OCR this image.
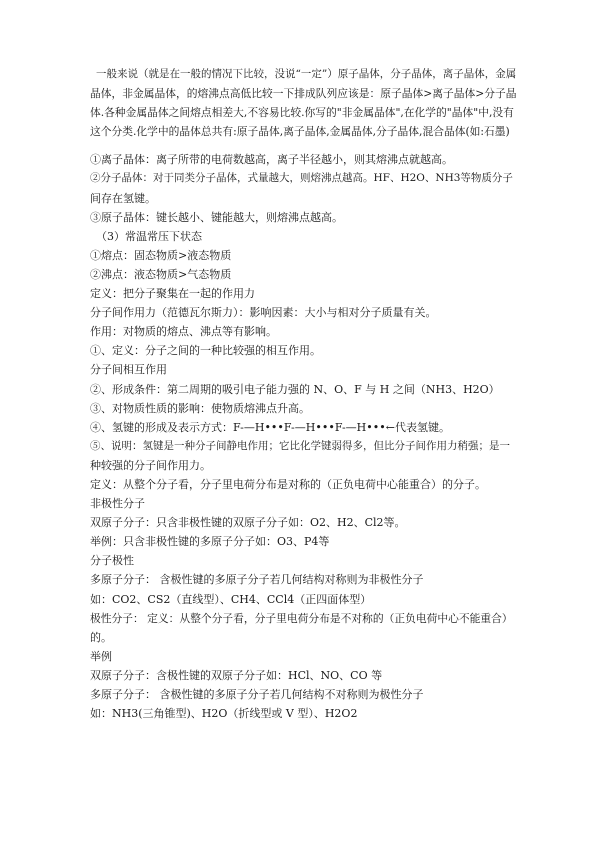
一般来说（就是在一般的情况下比较，没说“一定”）原子晶体，分子晶体，离子晶体，金属
晶体，非金属晶体，的熔沸点高低比较一下排成队列应该是：原子晶体>离子晶体>分子晶
体.各种金属晶体之间熔点相差大,不容易比较.你写的"非金属晶体",在化学的"晶体"中,没有
这个分类.化学中的晶体总共有:原子晶体,离子晶体,金属晶体,分子晶体,混合晶体(如:石墨)
①离子晶体：离子所带的电荷数越高，离子半径越小，则其熔沸点就越高。
②分子晶体：对于同类分子晶体，式量越大，则熔沸点越高。HF、H2O、NH3等物质分子
间存在氢键。
③原子晶体：键长越小、键能越大，则熔沸点越高。
（3）常温常压下状态
①熔点：固态物质>液态物质
②沸点：液态物质>气态物质
定义：把分子聚集在一起的作用力
分子间作用力（范德瓦尔斯力）：影响因素：大小与相对分子质量有关。
作用：对物质的熔点、沸点等有影响。
①、定义：分子之间的一种比较强的相互作用。
分子间相互作用
②、形成条件：第二周期的吸引电子能力强的 N、O、F 与 H 之间（NH3、H2O）
③、对物质性质的影响：使物质熔沸点升高。
④、氢键的形成及表示方式：F-—H•••F-—H•••F-—H•••←代表氢键。
⑤、说明：氢键是一种分子间静电作用；它比化学键弱得多，但比分子间作用力稍强；是一
种较强的分子间作用力。
定义：从整个分子看，分子里电荷分布是对称的（正负电荷中心能重合）的分子。
非极性分子
双原子分子：只含非极性键的双原子分子如：O2、H2、Cl2等。
举例：只含非极性键的多原子分子如：O3、P4等
分子极性
多原子分子： 含极性键的多原子分子若几何结构对称则为非极性分子
如：CO2、CS2（直线型）、CH4、CCl4（正四面体型）
极性分子： 定义：从整个分子看，分子里电荷分布是不对称的（正负电荷中心不能重合）
的。
举例
双原子分子：含极性键的双原子分子如：HCl、NO、CO 等
多原子分子： 含极性键的多原子分子若几何结构不对称则为极性分子
如：NH3(三角锥型)、H2O（折线型或 V 型）、H2O2
